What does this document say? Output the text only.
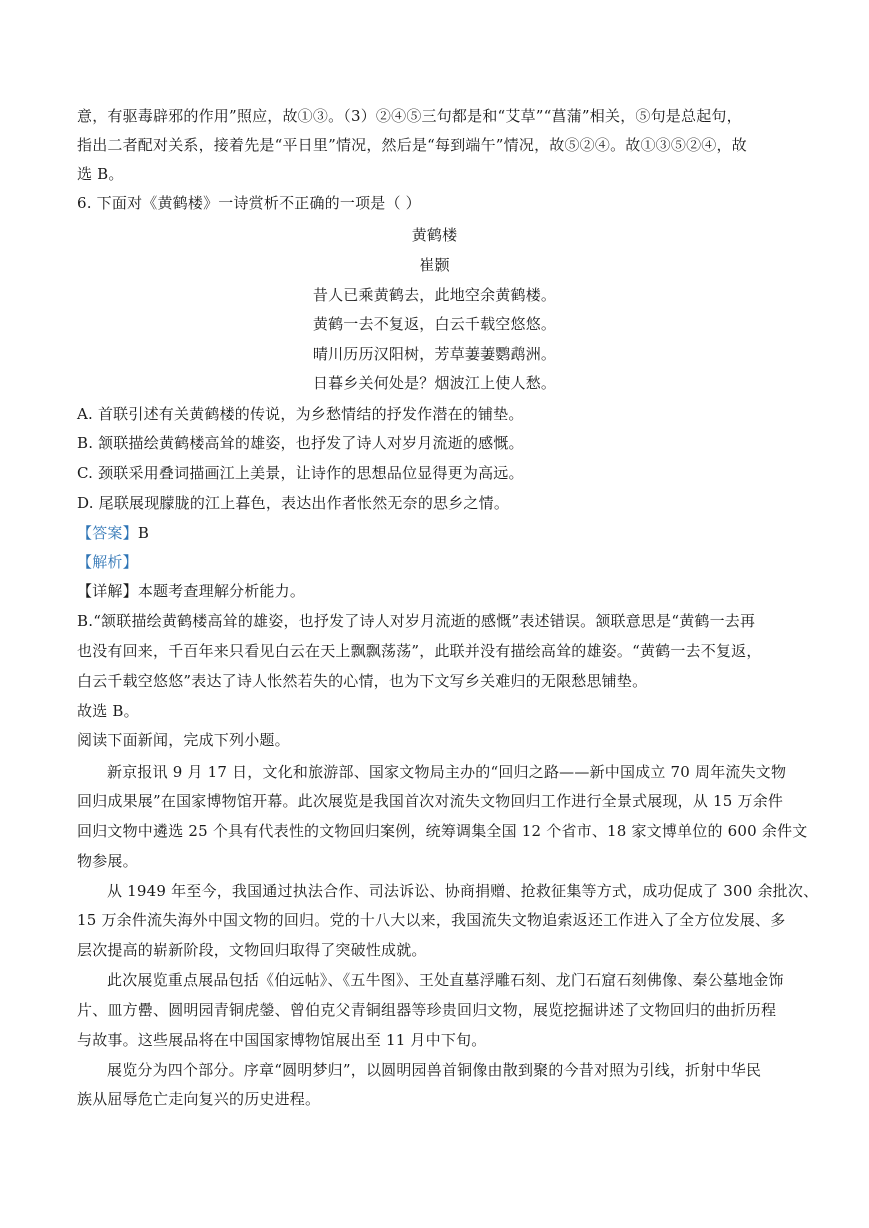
意，有驱毒辟邪的作用”照应，故①③。（3）②④⑤三句都是和“艾草”“菖蒲”相关，⑤句是总起句，
指出二者配对关系，接着先是“平日里”情况，然后是“每到端午”情况，故⑤②④。故①③⑤②④，故
选 B。
6. 下面对《黄鹤楼》一诗赏析不正确的一项是（ ）
黄鹤楼
崔颢
昔人已乘黄鹤去，此地空余黄鹤楼。
黄鹤一去不复返，白云千载空悠悠。
晴川历历汉阳树，芳草萋萋鹦鹉洲。
日暮乡关何处是？烟波江上使人愁。
A. 首联引述有关黄鹤楼的传说，为乡愁情结的抒发作潜在的铺垫。
B. 颔联描绘黄鹤楼高耸的雄姿，也抒发了诗人对岁月流逝的感慨。
C. 颈联采用叠词描画江上美景，让诗作的思想品位显得更为高远。
D. 尾联展现朦胧的江上暮色，表达出作者怅然无奈的思乡之情。
【答案】B
【解析】
【详解】本题考查理解分析能力。
B.“颔联描绘黄鹤楼高耸的雄姿，也抒发了诗人对岁月流逝的感慨”表述错误。颔联意思是“黄鹤一去再
也没有回来，千百年来只看见白云在天上飘飘荡荡”，此联并没有描绘高耸的雄姿。“黄鹤一去不复返，
白云千载空悠悠”表达了诗人怅然若失的心情，也为下文写乡关难归的无限愁思铺垫。
故选 B。
阅读下面新闻，完成下列小题。
新京报讯 9 月 17 日，文化和旅游部、国家文物局主办的“回归之路——新中国成立 70 周年流失文物
回归成果展”在国家博物馆开幕。此次展览是我国首次对流失文物回归工作进行全景式展现，从 15 万余件
回归文物中遴选 25 个具有代表性的文物回归案例，统筹调集全国 12 个省市、18 家文博单位的 600 余件文
物参展。
从 1949 年至今，我国通过执法合作、司法诉讼、协商捐赠、抢救征集等方式，成功促成了 300 余批次、
15 万余件流失海外中国文物的回归。党的十八大以来，我国流失文物追索返还工作进入了全方位发展、多
层次提高的崭新阶段，文物回归取得了突破性成就。
此次展览重点展品包括《伯远帖》、《五牛图》、王处直墓浮雕石刻、龙门石窟石刻佛像、秦公墓地金饰
片、皿方罍、圆明园青铜虎鎣、曾伯克父青铜组器等珍贵回归文物，展览挖掘讲述了文物回归的曲折历程
与故事。这些展品将在中国国家博物馆展出至 11 月中下旬。
展览分为四个部分。序章“圆明梦归”，以圆明园兽首铜像由散到聚的今昔对照为引线，折射中华民
族从屈辱危亡走向复兴的历史进程。
